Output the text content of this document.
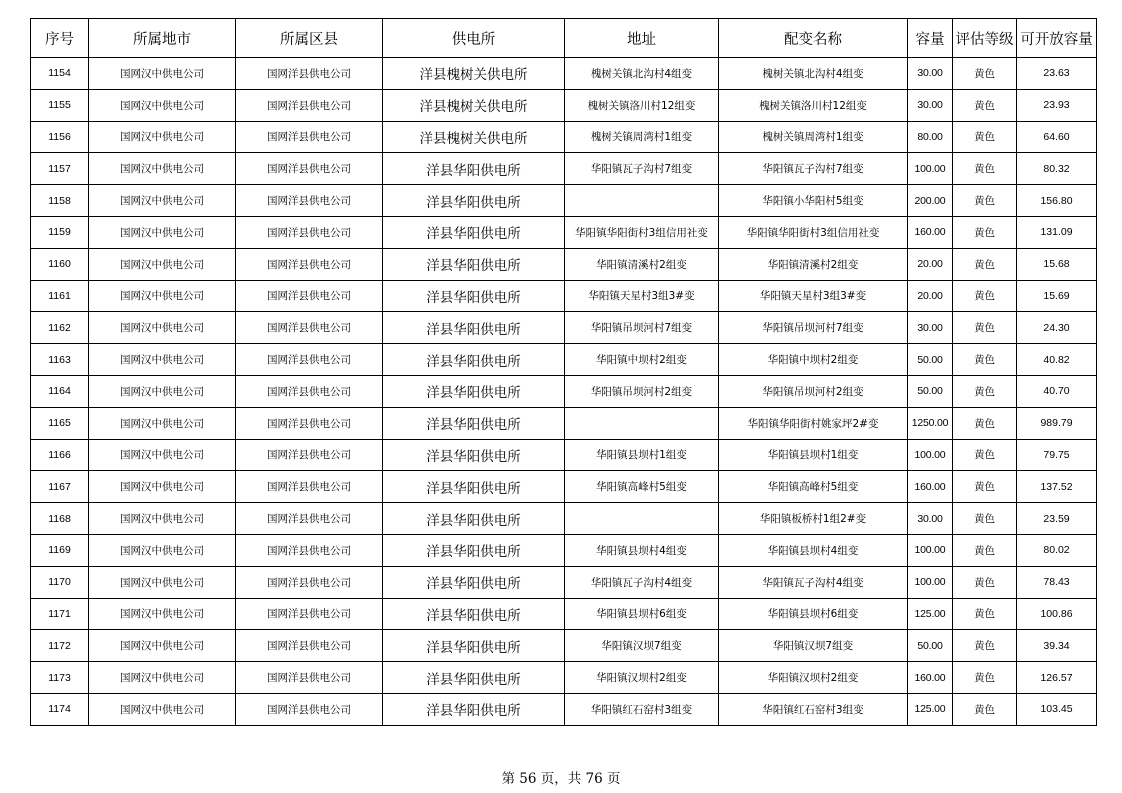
序号	所属地市	所属区县	供电所	地址	配变名称	容量	评估等级	可开放容量
1154	国网汉中供电公司	国网洋县供电公司	洋县槐树关供电所	槐树关镇北沟村4组变	槐树关镇北沟村4组变	30.00	黄色	23.63
1155	国网汉中供电公司	国网洋县供电公司	洋县槐树关供电所	槐树关镇洛川村12组变	槐树关镇洛川村12组变	30.00	黄色	23.93
1156	国网汉中供电公司	国网洋县供电公司	洋县槐树关供电所	槐树关镇周湾村1组变	槐树关镇周湾村1组变	80.00	黄色	64.60
1157	国网汉中供电公司	国网洋县供电公司	洋县华阳供电所	华阳镇瓦子沟村7组变	华阳镇瓦子沟村7组变	100.00	黄色	80.32
1158	国网汉中供电公司	国网洋县供电公司	洋县华阳供电所		华阳镇小华阳村5组变	200.00	黄色	156.80
1159	国网汉中供电公司	国网洋县供电公司	洋县华阳供电所	华阳镇华阳街村3组信用社变	华阳镇华阳街村3组信用社变	160.00	黄色	131.09
1160	国网汉中供电公司	国网洋县供电公司	洋县华阳供电所	华阳镇清溪村2组变	华阳镇清溪村2组变	20.00	黄色	15.68
1161	国网汉中供电公司	国网洋县供电公司	洋县华阳供电所	华阳镇天星村3组3#变	华阳镇天星村3组3#变	20.00	黄色	15.69
1162	国网汉中供电公司	国网洋县供电公司	洋县华阳供电所	华阳镇吊坝河村7组变	华阳镇吊坝河村7组变	30.00	黄色	24.30
1163	国网汉中供电公司	国网洋县供电公司	洋县华阳供电所	华阳镇中坝村2组变	华阳镇中坝村2组变	50.00	黄色	40.82
1164	国网汉中供电公司	国网洋县供电公司	洋县华阳供电所	华阳镇吊坝河村2组变	华阳镇吊坝河村2组变	50.00	黄色	40.70
1165	国网汉中供电公司	国网洋县供电公司	洋县华阳供电所		华阳镇华阳街村姚家坪2#变	1250.00	黄色	989.79
1166	国网汉中供电公司	国网洋县供电公司	洋县华阳供电所	华阳镇县坝村1组变	华阳镇县坝村1组变	100.00	黄色	79.75
1167	国网汉中供电公司	国网洋县供电公司	洋县华阳供电所	华阳镇高峰村5组变	华阳镇高峰村5组变	160.00	黄色	137.52
1168	国网汉中供电公司	国网洋县供电公司	洋县华阳供电所		华阳镇板桥村1组2#变	30.00	黄色	23.59
1169	国网汉中供电公司	国网洋县供电公司	洋县华阳供电所	华阳镇县坝村4组变	华阳镇县坝村4组变	100.00	黄色	80.02
1170	国网汉中供电公司	国网洋县供电公司	洋县华阳供电所	华阳镇瓦子沟村4组变	华阳镇瓦子沟村4组变	100.00	黄色	78.43
1171	国网汉中供电公司	国网洋县供电公司	洋县华阳供电所	华阳镇县坝村6组变	华阳镇县坝村6组变	125.00	黄色	100.86
1172	国网汉中供电公司	国网洋县供电公司	洋县华阳供电所	华阳镇汉坝7组变	华阳镇汉坝7组变	50.00	黄色	39.34
1173	国网汉中供电公司	国网洋县供电公司	洋县华阳供电所	华阳镇汉坝村2组变	华阳镇汉坝村2组变	160.00	黄色	126.57
1174	国网汉中供电公司	国网洋县供电公司	洋县华阳供电所	华阳镇红石窑村3组变	华阳镇红石窑村3组变	125.00	黄色	103.45
第 56 页，共 76 页
